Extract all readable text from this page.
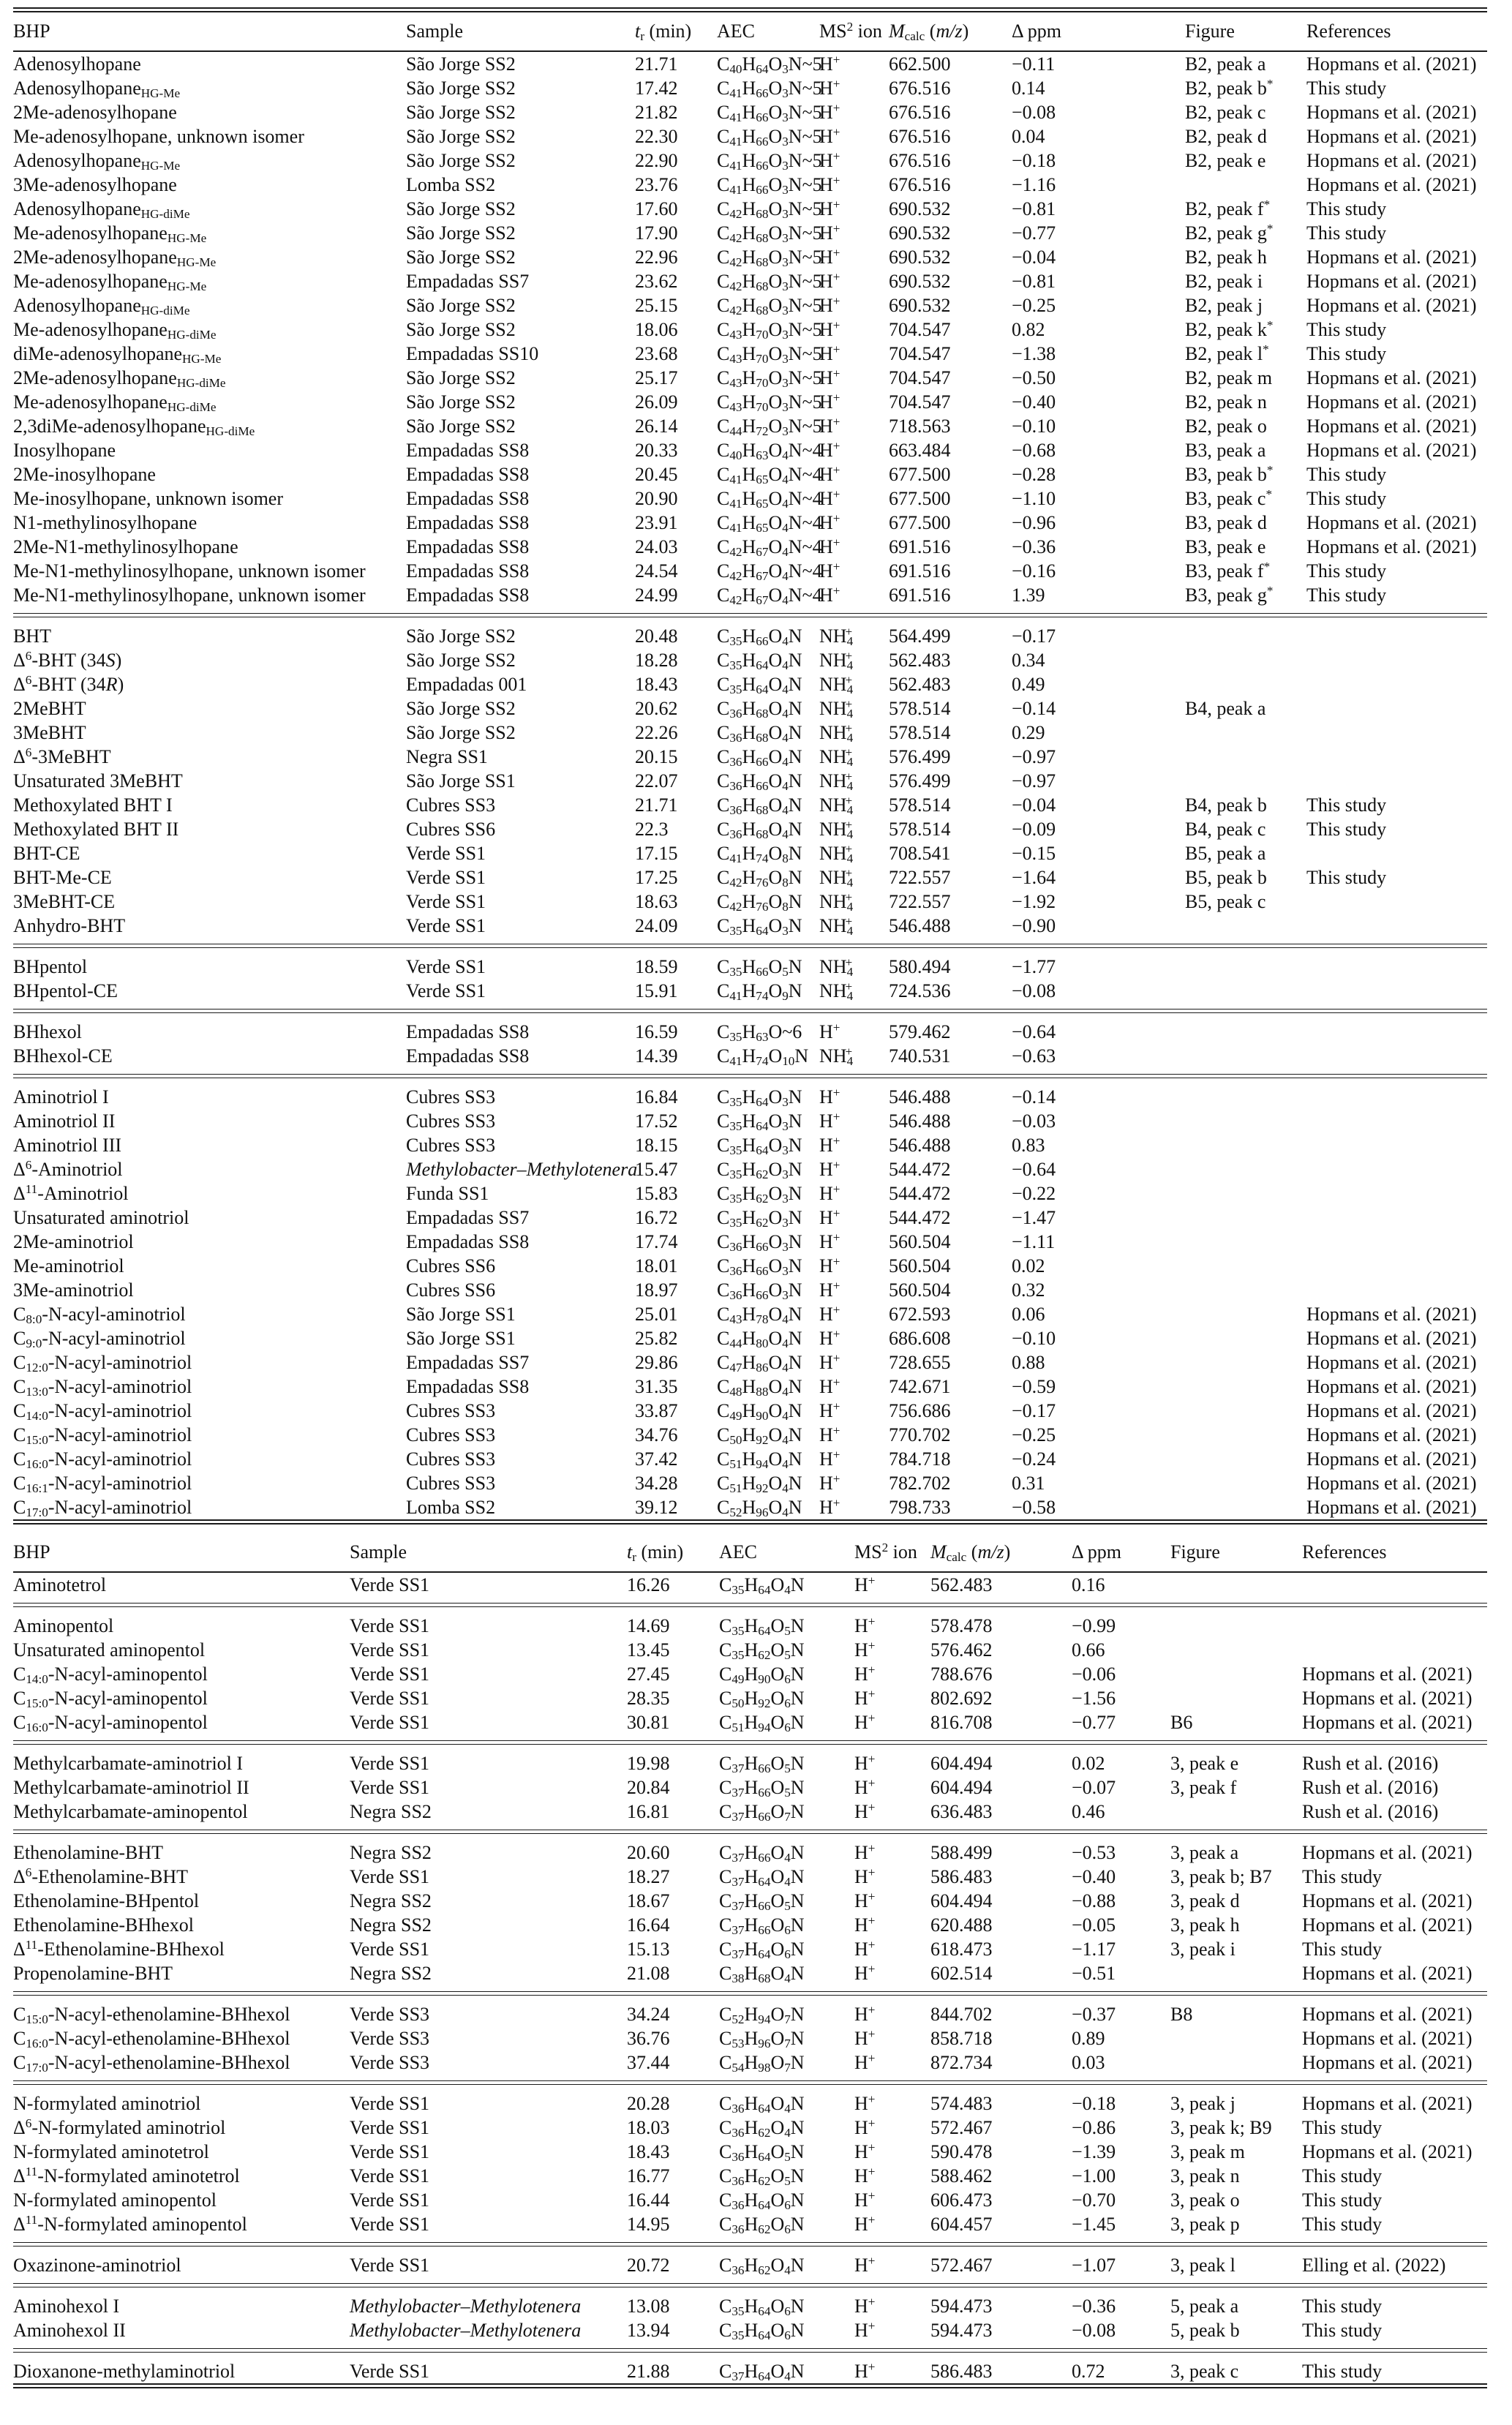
BHP	Sample	$t_r$ (min)	AEC	$MS^2$ ion	$M_{calc}$ (m/z)	Δ ppm	Figure	References
Adenosylhopane	São Jorge SS2	21.71	$C_{40}H_{64}O_3N\sim 5$	H+	662.500	−0.11	B2, peak a	Hopmans et al. (2021)
Adenosylhopane$_{HG-Me}$	São Jorge SS2	17.42	$C_{41}H_{66}O_3N\sim 5$	H+	676.516	0.14	B2, peak b*	This study
2Me-adenosylhopane	São Jorge SS2	21.82	$C_{41}H_{66}O_3N\sim 5$	H+	676.516	−0.08	B2, peak c	Hopmans et al. (2021)
Me-adenosylhopane, unknown isomer	São Jorge SS2	22.30	$C_{41}H_{66}O_3N\sim 5$	H+	676.516	0.04	B2, peak d	Hopmans et al. (2021)
Adenosylhopane$_{HG-Me}$	São Jorge SS2	22.90	$C_{41}H_{66}O_3N\sim 5$	H+	676.516	−0.18	B2, peak e	Hopmans et al. (2021)
3Me-adenosylhopane	Lomba SS2	23.76	$C_{41}H_{66}O_3N\sim 5$	H+	676.516	−1.16		Hopmans et al. (2021)
Adenosylhopane$_{HG-diMe}$	São Jorge SS2	17.60	$C_{42}H_{68}O_3N\sim 5$	H+	690.532	−0.81	B2, peak f*	This study
Me-adenosylhopane$_{HG-Me}$	São Jorge SS2	17.90	$C_{42}H_{68}O_3N\sim 5$	H+	690.532	−0.77	B2, peak g*	This study
2Me-adenosylhopane$_{HG-Me}$	São Jorge SS2	22.96	$C_{42}H_{68}O_3N\sim 5$	H+	690.532	−0.04	B2, peak h	Hopmans et al. (2021)
Me-adenosylhopane$_{HG-Me}$	Empadadas SS7	23.62	$C_{42}H_{68}O_3N\sim 5$	H+	690.532	−0.81	B2, peak i	Hopmans et al. (2021)
Adenosylhopane$_{HG-diMe}$	São Jorge SS2	25.15	$C_{42}H_{68}O_3N\sim 5$	H+	690.532	−0.25	B2, peak j	Hopmans et al. (2021)
Me-adenosylhopane$_{HG-diMe}$	São Jorge SS2	18.06	$C_{43}H_{70}O_3N\sim 5$	H+	704.547	0.82	B2, peak k*	This study
diMe-adenosylhopane$_{HG-Me}$	Empadadas SS10	23.68	$C_{43}H_{70}O_3N\sim 5$	H+	704.547	−1.38	B2, peak l*	This study
2Me-adenosylhopane$_{HG-diMe}$	São Jorge SS2	25.17	$C_{43}H_{70}O_3N\sim 5$	H+	704.547	−0.50	B2, peak m	Hopmans et al. (2021)
Me-adenosylhopane$_{HG-diMe}$	São Jorge SS2	26.09	$C_{43}H_{70}O_3N\sim 5$	H+	704.547	−0.40	B2, peak n	Hopmans et al. (2021)
2,3diMe-adenosylhopane$_{HG-diMe}$	São Jorge SS2	26.14	$C_{44}H_{72}O_3N\sim 5$	H+	718.563	−0.10	B2, peak o	Hopmans et al. (2021)
Inosylhopane	Empadadas SS8	20.33	$C_{40}H_{63}O_4N\sim 4$	H+	663.484	−0.68	B3, peak a	Hopmans et al. (2021)
2Me-inosylhopane	Empadadas SS8	20.45	$C_{41}H_{65}O_4N\sim 4$	H+	677.500	−0.28	B3, peak b*	This study
Me-inosylhopane, unknown isomer	Empadadas SS8	20.90	$C_{41}H_{65}O_4N\sim 4$	H+	677.500	−1.10	B3, peak c*	This study
N1-methylinosylhopane	Empadadas SS8	23.91	$C_{41}H_{65}O_4N\sim 4$	H+	677.500	−0.96	B3, peak d	Hopmans et al. (2021)
2Me-N1-methylinosylhopane	Empadadas SS8	24.03	$C_{42}H_{67}O_4N\sim 4$	H+	691.516	−0.36	B3, peak e	Hopmans et al. (2021)
Me-N1-methylinosylhopane, unknown isomer	Empadadas SS8	24.54	$C_{42}H_{67}O_4N\sim 4$	H+	691.516	−0.16	B3, peak f*	This study
Me-N1-methylinosylhopane, unknown isomer	Empadadas SS8	24.99	$C_{42}H_{67}O_4N\sim 4$	H+	691.516	1.39	B3, peak g*	This study

BHT	São Jorge SS2	20.48	$C_{35}H_{66}O_4N$	$NH_4^+$	564.499	−0.17		
$\Delta^6$-BHT (34S)	São Jorge SS2	18.28	$C_{35}H_{64}O_4N$	$NH_4^+$	562.483	0.34		
$\Delta^6$-BHT (34R)	Empadadas 001	18.43	$C_{35}H_{64}O_4N$	$NH_4^+$	562.483	0.49		
2MeBHT	São Jorge SS2	20.62	$C_{36}H_{68}O_4N$	$NH_4^+$	578.514	−0.14	B4, peak a	
3MeBHT	São Jorge SS2	22.26	$C_{36}H_{68}O_4N$	$NH_4^+$	578.514	0.29		
$\Delta^6-3MeBHT$	Negra SS1	20.15	$C_{36}H_{66}O_4N$	$NH_4^+$	576.499	−0.97		
Unsaturated 3MeBHT	São Jorge SS1	22.07	$C_{36}H_{66}O_4N$	$NH_4^+$	576.499	−0.97		
Methoxylated BHT I	Cubres SS3	21.71	$C_{36}H_{68}O_4N$	$NH_4^+$	578.514	−0.04	B4, peak b	This study
Methoxylated BHT II	Cubres SS6	22.3	$C_{36}H_{68}O_4N$	$NH_4^+$	578.514	−0.09	B4, peak c	This study
BHT-CE	Verde SS1	17.15	$C_{41}H_{74}O_8N$	$NH_4^+$	708.541	−0.15	B5, peak a	
BHT-Me-CE	Verde SS1	17.25	$C_{42}H_{76}O_8N$	$NH_4^+$	722.557	−1.64	B5, peak b	This study
3MeBHT-CE	Verde SS1	18.63	$C_{42}H_{76}O_8N$	$NH_4^+$	722.557	−1.92	B5, peak c	
Anhydro-BHT	Verde SS1	24.09	$C_{35}H_{64}O_3N$	$NH_4^+$	546.488	−0.90		

BHpentol	Verde SS1	18.59	$C_{35}H_{66}O_5N$	$NH_4^+$	580.494	−1.77		
BHpentol-CE	Verde SS1	15.91	$C_{41}H_{74}O_9N$	$NH_4^+$	724.536	−0.08		

BHhexol	Empadadas SS8	16.59	$C_{35}H_{63}O\sim 6$	H+	579.462	−0.64		
BHhexol-CE	Empadadas SS8	14.39	$C_{41}H_{74}O_{10}N$	$NH_4^+$	740.531	−0.63		

Aminotriol I	Cubres SS3	16.84	$C_{35}H_{64}O_3N$	H+	546.488	−0.14		
Aminotriol II	Cubres SS3	17.52	$C_{35}H_{64}O_3N$	H+	546.488	−0.03		
Aminotriol III	Cubres SS3	18.15	$C_{35}H_{64}O_3N$	H+	546.488	0.83		
$\Delta^6$-Aminotriol	Methylobacter–Methylotenera	15.47	$C_{35}H_{62}O_3N$	H+	544.472	−0.64		
$\Delta^{11}$-Aminotriol	Funda SS1	15.83	$C_{35}H_{62}O_3N$	H+	544.472	−0.22		
Unsaturated aminotriol	Empadadas SS7	16.72	$C_{35}H_{62}O_3N$	H+	544.472	−1.47		
2Me-aminotriol	Empadadas SS8	17.74	$C_{36}H_{66}O_3N$	H+	560.504	−1.11		
Me-aminotriol	Cubres SS6	18.01	$C_{36}H_{66}O_3N$	H+	560.504	0.02		
3Me-aminotriol	Cubres SS6	18.97	$C_{36}H_{66}O_3N$	H+	560.504	0.32		
$C_{8:0}-N-acyl$-aminotriol	São Jorge SS1	25.01	$C_{43}H_{78}O_4N$	H+	672.593	0.06		Hopmans et al. (2021)
$C_{9:0}-N-acyl$-aminotriol	São Jorge SS1	25.82	$C_{44}H_{80}O_4N$	H+	686.608	−0.10		Hopmans et al. (2021)
$C_{12:0}-N-acyl$-aminotriol	Empadadas SS7	29.86	$C_{47}H_{86}O_4N$	H+	728.655	0.88		Hopmans et al. (2021)
$C_{13:0}-N-acyl$-aminotriol	Empadadas SS8	31.35	$C_{48}H_{88}O_4N$	H+	742.671	−0.59		Hopmans et al. (2021)
$C_{14:0}-N-acyl$-aminotriol	Cubres SS3	33.87	$C_{49}H_{90}O_4N$	H+	756.686	−0.17		Hopmans et al. (2021)
$C_{15:0}-N-acyl$-aminotriol	Cubres SS3	34.76	$C_{50}H_{92}O_4N$	H+	770.702	−0.25		Hopmans et al. (2021)
$C_{16:0}-N-acyl$-aminotriol	Cubres SS3	37.42	$C_{51}H_{94}O_4N$	H+	784.718	−0.24		Hopmans et al. (2021)
$C_{16:1}-N-acyl$-aminotriol	Cubres SS3	34.28	$C_{51}H_{92}O_4N$	H+	782.702	0.31		Hopmans et al. (2021)
$C_{17:0}-N-acyl$-aminotriol	Lomba SS2	39.12	$C_{52}H_{96}O_4N$	H+	798.733	−0.58		Hopmans et al. (2021)
BHP	Sample	$t_r$ (min)	AEC	$MS^2$ ion	$M_{calc}$ (m/z)	Δ ppm	Figure	References
Aminotetrol	Verde SS1	16.26	$C_{35}H_{64}O_4N$	H+	562.483	0.16		

Aminopentol	Verde SS1	14.69	$C_{35}H_{64}O_5N$	H+	578.478	−0.99		
Unsaturated aminopentol	Verde SS1	13.45	$C_{35}H_{62}O_5N$	H+	576.462	0.66		
$C_{14:0}-N-acyl$-aminopentol	Verde SS1	27.45	$C_{49}H_{90}O_6N$	H+	788.676	−0.06		Hopmans et al. (2021)
$C_{15:0}-N-acyl$-aminopentol	Verde SS1	28.35	$C_{50}H_{92}O_6N$	H+	802.692	−1.56		Hopmans et al. (2021)
$C_{16:0}-N-acyl$-aminopentol	Verde SS1	30.81	$C_{51}H_{94}O_6N$	H+	816.708	−0.77	B6	Hopmans et al. (2021)

Methylcarbamate-aminotriol I	Verde SS1	19.98	$C_{37}H_{66}O_5N$	H+	604.494	0.02	3, peak e	Rush et al. (2016)
Methylcarbamate-aminotriol II	Verde SS1	20.84	$C_{37}H_{66}O_5N$	H+	604.494	−0.07	3, peak f	Rush et al. (2016)
Methylcarbamate-aminopentol	Negra SS2	16.81	$C_{37}H_{66}O_7N$	H+	636.483	0.46		Rush et al. (2016)

Ethenolamine-BHT	Negra SS2	20.60	$C_{37}H_{66}O_4N$	H+	588.499	−0.53	3, peak a	Hopmans et al. (2021)
$\Delta^6-Ethenolamine$-BHT	Verde SS1	18.27	$C_{37}H_{64}O_4N$	H+	586.483	−0.40	3, peak b; B7	This study
Ethenolamine-BHpentol	Negra SS2	18.67	$C_{37}H_{66}O_5N$	H+	604.494	−0.88	3, peak d	Hopmans et al. (2021)
Ethenolamine-BHhexol	Negra SS2	16.64	$C_{37}H_{66}O_6N$	H+	620.488	−0.05	3, peak h	Hopmans et al. (2021)
$\Delta^{11}-Ethenolamine$-BHhexol	Verde SS1	15.13	$C_{37}H_{64}O_6N$	H+	618.473	−1.17	3, peak i	This study
Propenolamine-BHT	Negra SS2	21.08	$C_{38}H_{68}O_4N$	H+	602.514	−0.51		Hopmans et al. (2021)

$C_{15:0}-N-acyl-ethenolamine$-BHhexol	Verde SS3	34.24	$C_{52}H_{94}O_7N$	H+	844.702	−0.37	B8	Hopmans et al. (2021)
$C_{16:0}-N-acyl-ethenolamine$-BHhexol	Verde SS3	36.76	$C_{53}H_{96}O_7N$	H+	858.718	0.89		Hopmans et al. (2021)
$C_{17:0}-N-acyl-ethenolamine$-BHhexol	Verde SS3	37.44	$C_{54}H_{98}O_7N$	H+	872.734	0.03		Hopmans et al. (2021)

N-formylated aminotriol	Verde SS1	20.28	$C_{36}H_{64}O_4N$	H+	574.483	−0.18	3, peak j	Hopmans et al. (2021)
$\Delta^6-N$-formylated aminotriol	Verde SS1	18.03	$C_{36}H_{62}O_4N$	H+	572.467	−0.86	3, peak k; B9	This study
N-formylated aminotetrol	Verde SS1	18.43	$C_{36}H_{64}O_5N$	H+	590.478	−1.39	3, peak m	Hopmans et al. (2021)
$\Delta^{11}-N$-formylated aminotetrol	Verde SS1	16.77	$C_{36}H_{62}O_5N$	H+	588.462	−1.00	3, peak n	This study
N-formylated aminopentol	Verde SS1	16.44	$C_{36}H_{64}O_6N$	H+	606.473	−0.70	3, peak o	This study
$\Delta^{11}-N$-formylated aminopentol	Verde SS1	14.95	$C_{36}H_{62}O_6N$	H+	604.457	−1.45	3, peak p	This study

Oxazinone-aminotriol	Verde SS1	20.72	$C_{36}H_{62}O_4N$	H+	572.467	−1.07	3, peak l	Elling et al. (2022)

Aminohexol I	Methylobacter–Methylotenera	13.08	$C_{35}H_{64}O_6N$	H+	594.473	−0.36	5, peak a	This study
Aminohexol II	Methylobacter–Methylotenera	13.94	$C_{35}H_{64}O_6N$	H+	594.473	−0.08	5, peak b	This study

Dioxanone-methylaminotriol	Verde SS1	21.88	$C_{37}H_{64}O_4N$	H+	586.483	0.72	3, peak c	This study
